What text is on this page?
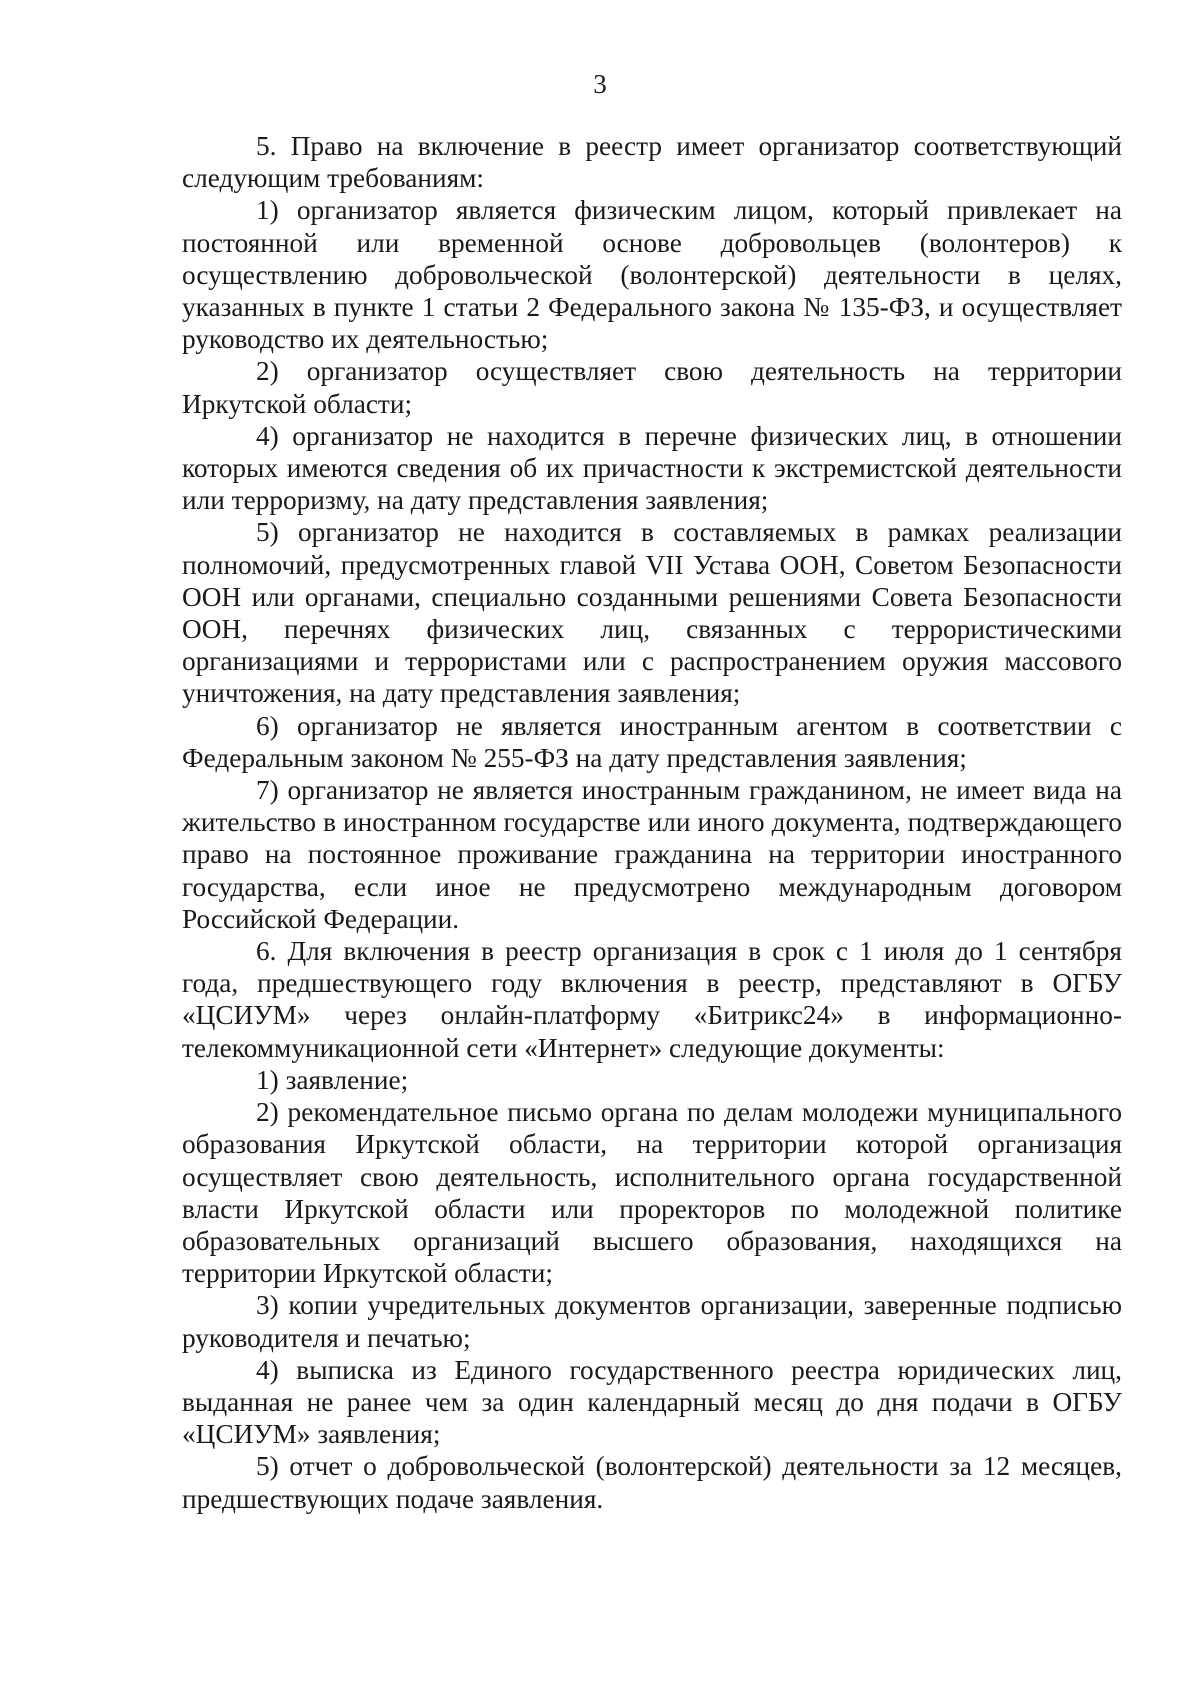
3

5. Право на включение в реестр имеет организатор соответствующий следующим требованиям:

1) организатор является физическим лицом, который привлекает на постоянной или временной основе добровольцев (волонтеров) к осуществлению добровольческой (волонтерской) деятельности в целях, указанных в пункте 1 статьи 2 Федерального закона № 135-ФЗ, и осуществляет руководство их деятельностью;

2) организатор осуществляет свою деятельность на территории Иркутской области;

4) организатор не находится в перечне физических лиц, в отношении которых имеются сведения об их причастности к экстремистской деятельности или терроризму, на дату представления заявления;

5) организатор не находится в составляемых в рамках реализации полномочий, предусмотренных главой VII Устава ООН, Советом Безопасности ООН или органами, специально созданными решениями Совета Безопасности ООН, перечнях физических лиц, связанных с террористическими организациями и террористами или с распространением оружия массового уничтожения, на дату представления заявления;

6) организатор не является иностранным агентом в соответствии с Федеральным законом № 255-ФЗ на дату представления заявления;

7) организатор не является иностранным гражданином, не имеет вида на жительство в иностранном государстве или иного документа, подтверждающего право на постоянное проживание гражданина на территории иностранного государства, если иное не предусмотрено международным договором Российской Федерации.

6. Для включения в реестр организация в срок с 1 июля до 1 сентября года, предшествующего году включения в реестр, представляют в ОГБУ «ЦСИУМ» через онлайн-платформу «Битрикс24» в информационно-телекоммуникационной сети «Интернет» следующие документы:

1) заявление;

2) рекомендательное письмо органа по делам молодежи муниципального образования Иркутской области, на территории которой организация осуществляет свою деятельность, исполнительного органа государственной власти Иркутской области или проректоров по молодежной политике образовательных организаций высшего образования, находящихся на территории Иркутской области;

3) копии учредительных документов организации, заверенные подписью руководителя и печатью;

4) выписка из Единого государственного реестра юридических лиц, выданная не ранее чем за один календарный месяц до дня подачи в ОГБУ «ЦСИУМ» заявления;

5) отчет о добровольческой (волонтерской) деятельности за 12 месяцев, предшествующих подаче заявления.
